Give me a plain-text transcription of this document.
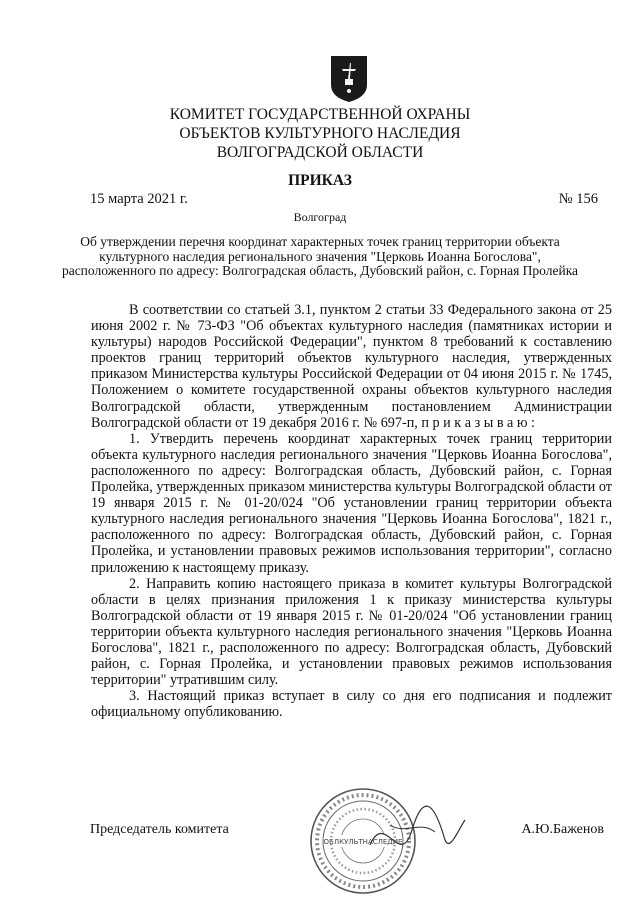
КОМИТЕТ ГОСУДАРСТВЕННОЙ ОХРАНЫ
ОБЪЕКТОВ КУЛЬТУРНОГО НАСЛЕДИЯ
ВОЛГОГРАДСКОЙ ОБЛАСТИ
ПРИКАЗ
15 марта 2021 г.	№ 156
Волгоград
Об утверждении перечня координат характерных точек границ территории объекта культурного наследия регионального значения "Церковь Иоанна Богослова", расположенного по адресу: Волгоградская область, Дубовский район, с. Горная Пролейка

В соответствии со статьей 3.1, пунктом 2 статьи 33 Федерального закона от 25 июня 2002 г. № 73-ФЗ "Об объектах культурного наследия (памятниках истории и культуры) народов Российской Федерации", пунктом 8 требований к составлению проектов границ территорий объектов культурного наследия, утвержденных приказом Министерства культуры Российской Федерации от 04 июня 2015 г. № 1745, Положением о комитете государственной охраны объектов культурного наследия Волгоградской области, утвержденным постановлением Администрации Волгоградской области от 19 декабря 2016 г. № 697-п, п р и к а з ы в а ю :

1. Утвердить перечень координат характерных точек границ территории объекта культурного наследия регионального значения "Церковь Иоанна Богослова", расположенного по адресу: Волгоградская область, Дубовский район, с. Горная Пролейка, утвержденных приказом министерства культуры Волгоградской области от 19 января 2015 г. № 01-20/024 "Об установлении границ территории объекта культурного наследия регионального значения "Церковь Иоанна Богослова", 1821 г., расположенного по адресу: Волгоградская область, Дубовский район, с. Горная Пролейка, и установлении правовых режимов использования территории", согласно приложению к настоящему приказу.

2. Направить копию настоящего приказа в комитет культуры Волгоградской области в целях признания приложения 1 к приказу министерства культуры Волгоградской области от 19 января 2015 г. № 01-20/024 "Об установлении границ территории объекта культурного наследия регионального значения "Церковь Иоанна Богослова", 1821 г., расположенного по адресу: Волгоградская область, Дубовский район, с. Горная Пролейка, и установлении правовых режимов использования территории" утратившим силу.

3. Настоящий приказ вступает в силу со дня его подписания и подлежит официальному опубликованию.

Председатель комитета	А.Ю.Баженов
ОБЛКУЛЬТНАСЛЕДИЕ
